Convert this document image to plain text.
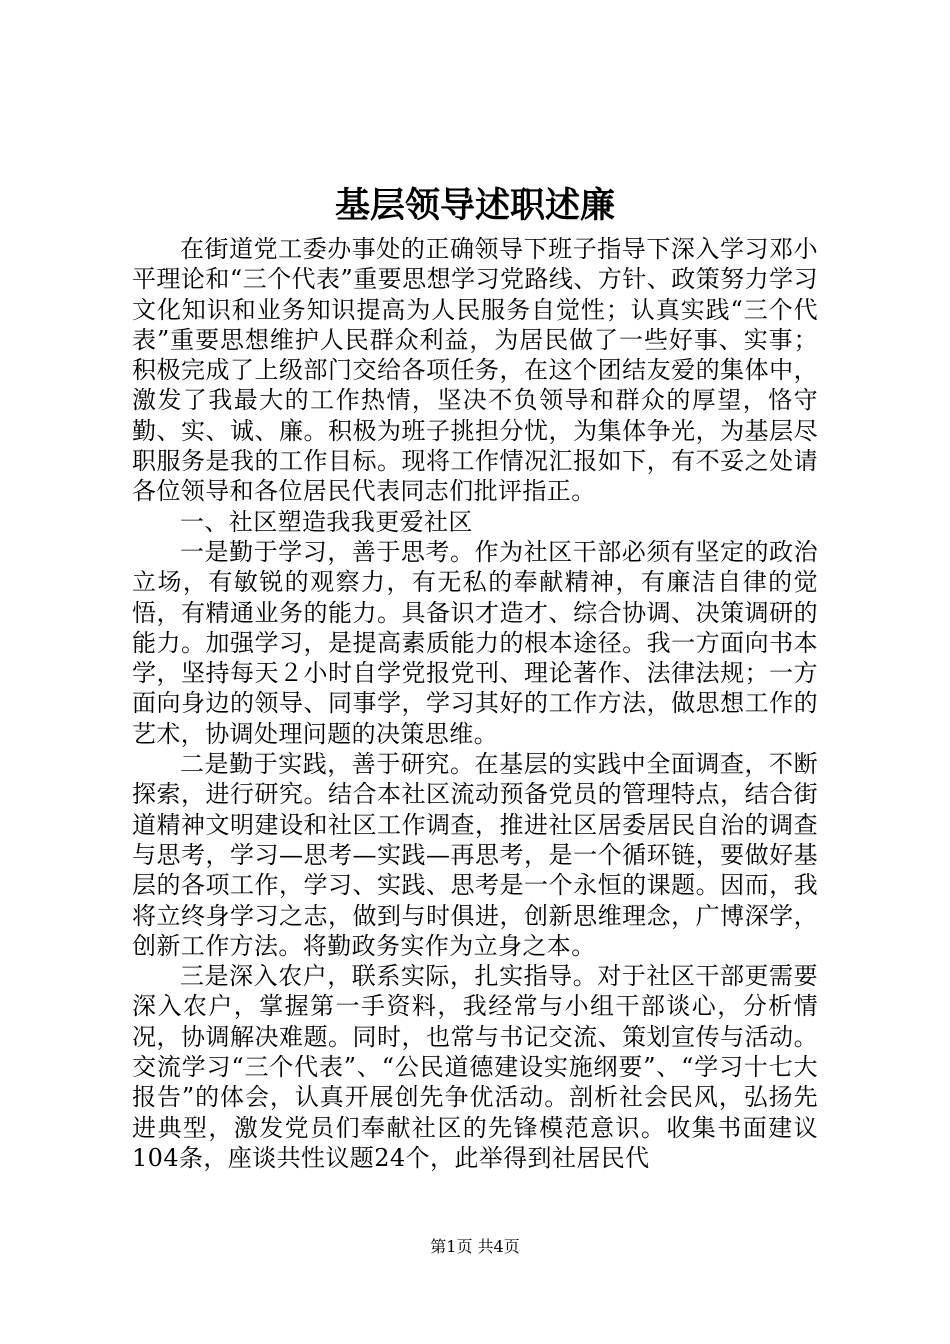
基层领导述职述廉

在街道党工委办事处的正确领导下班子指导下深入学习邓小平理论和“三个代表”重要思想学习党路线、方针、政策努力学习文化知识和业务知识提高为人民服务自觉性；认真实践“三个代表”重要思想维护人民群众利益，为居民做了一些好事、实事；积极完成了上级部门交给各项任务，在这个团结友爱的集体中，激发了我最大的工作热情，坚决不负领导和群众的厚望，恪守勤、实、诚、廉。积极为班子挑担分忧，为集体争光，为基层尽职服务是我的工作目标。现将工作情况汇报如下，有不妥之处请各位领导和各位居民代表同志们批评指正。

一、社区塑造我我更爱社区

一是勤于学习，善于思考。作为社区干部必须有坚定的政治立场，有敏锐的观察力，有无私的奉献精神，有廉洁自律的觉悟，有精通业务的能力。具备识才造才、综合协调、决策调研的能力。加强学习，是提高素质能力的根本途径。我一方面向书本学，坚持每天２小时自学党报党刊、理论著作、法律法规；一方面向身边的领导、同事学，学习其好的工作方法，做思想工作的艺术，协调处理问题的决策思维。

二是勤于实践，善于研究。在基层的实践中全面调查，不断探索，进行研究。结合本社区流动预备党员的管理特点，结合街道精神文明建设和社区工作调查，推进社区居委居民自治的调查与思考，学习—思考—实践—再思考，是一个循环链，要做好基层的各项工作，学习、实践、思考是一个永恒的课题。因而，我将立终身学习之志，做到与时俱进，创新思维理念，广博深学，创新工作方法。将勤政务实作为立身之本。

三是深入农户，联系实际，扎实指导。对于社区干部更需要深入农户，掌握第一手资料，我经常与小组干部谈心，分析情况，协调解决难题。同时，也常与书记交流、策划宣传与活动。交流学习“三个代表”、“公民道德建设实施纲要”、“学习十七大报告”的体会，认真开展创先争优活动。剖析社会民风，弘扬先进典型，激发党员们奉献社区的先锋模范意识。收集书面建议104条，座谈共性议题24个，此举得到社居民代

第1页 共4页
